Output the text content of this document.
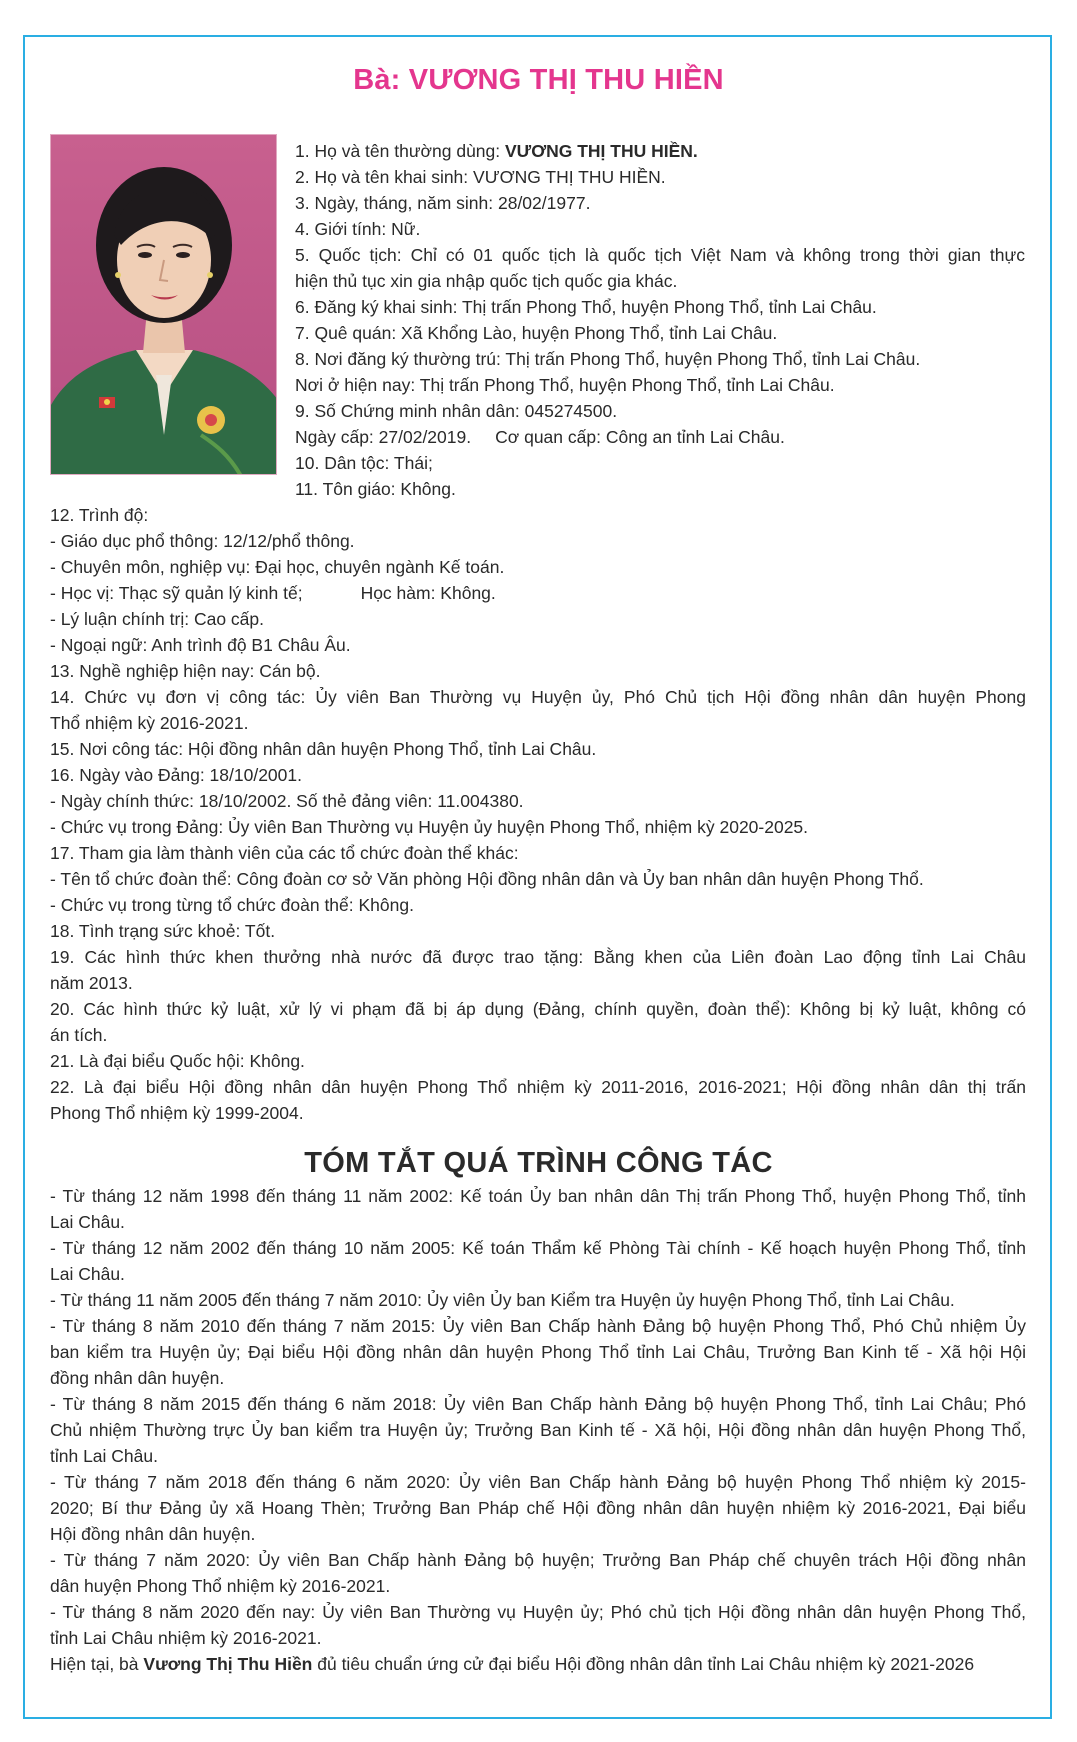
Bà: VƯƠNG THỊ THU HIỀN
1. Họ và tên thường dùng: VƯƠNG THỊ THU HIỀN.
2. Họ và tên khai sinh: VƯƠNG THỊ THU HIỀN.
3. Ngày, tháng, năm sinh: 28/02/1977.
4. Giới tính: Nữ.
5. Quốc tịch: Chỉ có 01 quốc tịch là quốc tịch Việt Nam và không trong thời gian thực
hiện thủ tục xin gia nhập quốc tịch quốc gia khác.
6. Đăng ký khai sinh: Thị trấn Phong Thổ, huyện Phong Thổ, tỉnh Lai Châu.
7. Quê quán: Xã Khổng Lào, huyện Phong Thổ, tỉnh Lai Châu.
8. Nơi đăng ký thường trú: Thị trấn Phong Thổ, huyện Phong Thổ, tỉnh Lai Châu.
Nơi ở hiện nay: Thị trấn Phong Thổ, huyện Phong Thổ, tỉnh Lai Châu.
9. Số Chứng minh nhân dân: 045274500.
Ngày cấp: 27/02/2019. Cơ quan cấp: Công an tỉnh Lai Châu.
10. Dân tộc: Thái;
11. Tôn giáo: Không.
12. Trình độ:
- Giáo dục phổ thông: 12/12/phổ thông.
- Chuyên môn, nghiệp vụ: Đại học, chuyên ngành Kế toán.
- Học vị: Thạc sỹ quản lý kinh tế;	Học hàm: Không.
- Lý luận chính trị: Cao cấp.
- Ngoại ngữ: Anh trình độ B1 Châu Âu.
13. Nghề nghiệp hiện nay: Cán bộ.
14. Chức vụ đơn vị công tác: Ủy viên Ban Thường vụ Huyện ủy, Phó Chủ tịch Hội đồng nhân dân huyện Phong
Thổ nhiệm kỳ 2016-2021.
15. Nơi công tác: Hội đồng nhân dân huyện Phong Thổ, tỉnh Lai Châu.
16. Ngày vào Đảng: 18/10/2001.
- Ngày chính thức: 18/10/2002. Số thẻ đảng viên: 11.004380.
- Chức vụ trong Đảng: Ủy viên Ban Thường vụ Huyện ủy huyện Phong Thổ, nhiệm kỳ 2020-2025.
17. Tham gia làm thành viên của các tổ chức đoàn thể khác:
- Tên tổ chức đoàn thể: Công đoàn cơ sở Văn phòng Hội đồng nhân dân và Ủy ban nhân dân huyện Phong Thổ.
- Chức vụ trong từng tổ chức đoàn thể: Không.
18. Tình trạng sức khoẻ: Tốt.
19. Các hình thức khen thưởng nhà nước đã được trao tặng: Bằng khen của Liên đoàn Lao động tỉnh Lai Châu
năm 2013.
20. Các hình thức kỷ luật, xử lý vi phạm đã bị áp dụng (Đảng, chính quyền, đoàn thể): Không bị kỷ luật, không có
án tích.
21. Là đại biểu Quốc hội: Không.
22. Là đại biểu Hội đồng nhân dân huyện Phong Thổ nhiệm kỳ 2011-2016, 2016-2021; Hội đồng nhân dân thị trấn
Phong Thổ nhiệm kỳ 1999-2004.
TÓM TẮT QUÁ TRÌNH CÔNG TÁC
- Từ tháng 12 năm 1998 đến tháng 11 năm 2002: Kế toán Ủy ban nhân dân Thị trấn Phong Thổ, huyện Phong Thổ, tỉnh
Lai Châu.
- Từ tháng 12 năm 2002 đến tháng 10 năm 2005: Kế toán Thẩm kế Phòng Tài chính - Kế hoạch huyện Phong Thổ, tỉnh
Lai Châu.
- Từ tháng 11 năm 2005 đến tháng 7 năm 2010: Ủy viên Ủy ban Kiểm tra Huyện ủy huyện Phong Thổ, tỉnh Lai Châu.
- Từ tháng 8 năm 2010 đến tháng 7 năm 2015: Ủy viên Ban Chấp hành Đảng bộ huyện Phong Thổ, Phó Chủ nhiệm Ủy
ban kiểm tra Huyện ủy; Đại biểu Hội đồng nhân dân huyện Phong Thổ tỉnh Lai Châu, Trưởng Ban Kinh tế - Xã hội Hội
đồng nhân dân huyện.
- Từ tháng 8 năm 2015 đến tháng 6 năm 2018: Ủy viên Ban Chấp hành Đảng bộ huyện Phong Thổ, tỉnh Lai Châu; Phó
Chủ nhiệm Thường trực Ủy ban kiểm tra Huyện ủy; Trưởng Ban Kinh tế - Xã hội, Hội đồng nhân dân huyện Phong Thổ,
tỉnh Lai Châu.
- Từ tháng 7 năm 2018 đến tháng 6 năm 2020: Ủy viên Ban Chấp hành Đảng bộ huyện Phong Thổ nhiệm kỳ 2015-
2020; Bí thư Đảng ủy xã Hoang Thèn; Trưởng Ban Pháp chế Hội đồng nhân dân huyện nhiệm kỳ 2016-2021, Đại biểu
Hội đồng nhân dân huyện.
- Từ tháng 7 năm 2020: Ủy viên Ban Chấp hành Đảng bộ huyện; Trưởng Ban Pháp chế chuyên trách Hội đồng nhân
dân huyện Phong Thổ nhiệm kỳ 2016-2021.
- Từ tháng 8 năm 2020 đến nay: Ủy viên Ban Thường vụ Huyện ủy; Phó chủ tịch Hội đồng nhân dân huyện Phong Thổ,
tỉnh Lai Châu nhiệm kỳ 2016-2021.
Hiện tại, bà Vương Thị Thu Hiền đủ tiêu chuẩn ứng cử đại biểu Hội đồng nhân dân tỉnh Lai Châu nhiệm kỳ 2021-2026
